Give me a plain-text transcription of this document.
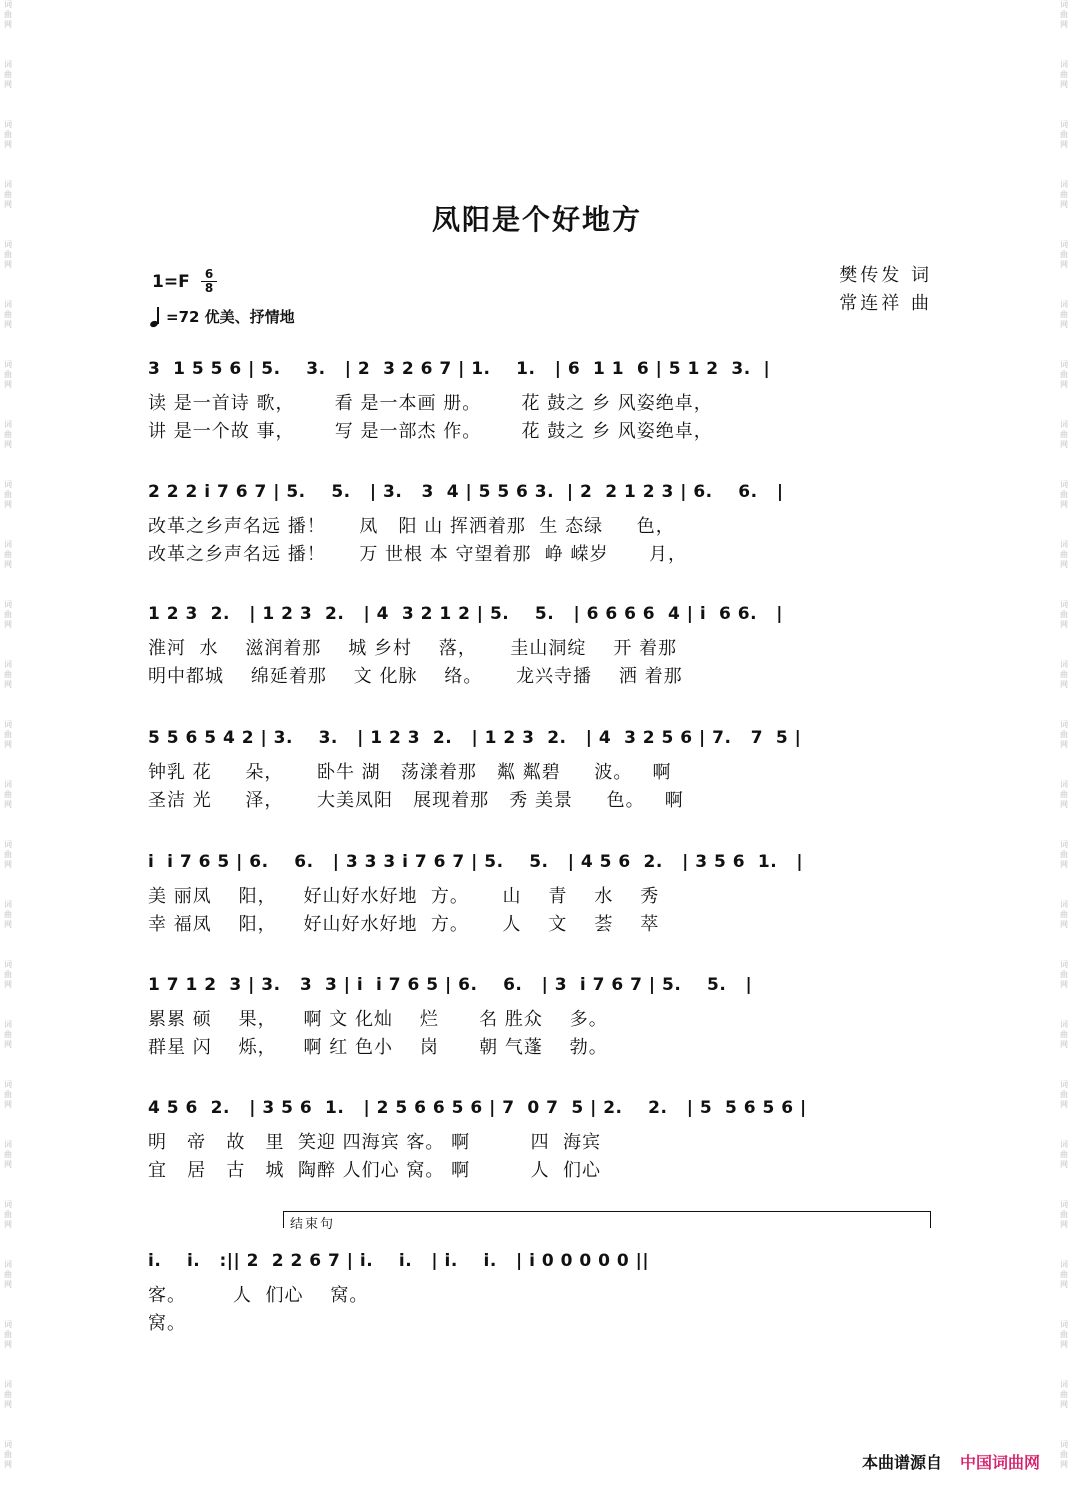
词
曲
网
词
曲
网
词
曲
网
词
曲
网
词
曲
网
词
曲
网
词
曲
网
词
曲
网
词
曲
网
词
曲
网
词
曲
网
词
曲
网
词
曲
网
词
曲
网
词
曲
网
词
曲
网
词
曲
网
词
曲
网
词
曲
网
词
曲
网
词
曲
网
词
曲
网
词
曲
网
词
曲
网
词
曲
网
词
曲
网
词
曲
网
词
曲
网
词
曲
网
词
曲
网
词
曲
网
词
曲
网
词
曲
网
词
曲
网
词
曲
网
词
曲
网
词
曲
网
词
曲
网
词
曲
网
词
曲
网
词
曲
网
词
曲
网
词
曲
网
词
曲
网
词
曲
网
词
曲
网
词
曲
网
词
曲
网
词
曲
网
词
曲
网
凤阳是个好地方
樊传发 词
常连祥 曲
1=F	6
8
=72 优美、抒情地
3  1 5 5 6 | 5.    3.   | 2  3 2 6 7 | 1.    1.   | 6  1 1  6 | 5 1 2  3.  |
读 是一首诗 歌，      看 是一本画 册。      花 鼓之 乡 风姿绝卓，
讲 是一个故 事，      写 是一部杰 作。      花 鼓之 乡 风姿绝卓，
2 2 2 i 7 6 7 | 5.    5.   | 3.   3  4 | 5 5 6 3.  | 2  2 1 2 3 | 6.    6.   |
改革之乡声名远 播！     凤   阳 山 挥洒着那  生 态绿     色，
改革之乡声名远 播！     万 世根 本 守望着那  峥 嵘岁      月，
1 2 3  2.   | 1 2 3  2.   | 4  3 2 1 2 | 5.    5.   | 6 6 6 6  4 | i  6 6.   |
淮河  水    滋润着那    城 乡村    落，     圭山洞绽    开 着那
明中都城    绵延着那    文 化脉    络。     龙兴寺播    洒 着那
5 5 6 5 4 2 | 3.    3.   | 1 2 3  2.   | 1 2 3  2.   | 4  3 2 5 6 | 7.   7  5 |
钟乳 花     朵，     卧牛 湖   荡漾着那   粼 粼碧     波。   啊
圣洁 光     泽，     大美凤阳   展现着那   秀 美景     色。   啊
i  i 7 6 5 | 6.    6.   | 3 3 3 i 7 6 7 | 5.    5.   | 4 5 6  2.   | 3 5 6  1.   |
美 丽凤    阳，    好山好水好地  方。     山    青    水    秀
幸 福凤    阳，    好山好水好地  方。     人    文    荟    萃
1 7 1 2  3 | 3.   3  3 | i  i 7 6 5 | 6.    6.   | 3  i 7 6 7 | 5.    5.   |
累累 硕    果，    啊 文 化灿    烂      名 胜众    多。
群星 闪    烁，    啊 红 色小    岗      朝 气蓬    勃。
4 5 6  2.   | 3 5 6  1.   | 2 5 6 6 5 6 | 7  0 7  5 | 2.    2.   | 5  5 6 5 6 |
明   帝   故   里  笑迎 四海宾 客。 啊         四  海宾
宜   居   古   城  陶醉 人们心 窝。 啊         人  们心
结束句
i.    i.   :|| 2  2 2 6 7 | i.    i.   | i.    i.   | i 0 0 0 0 0 ||
客。       人  们心    窝。
窝。
本曲谱源自 中国词曲网
